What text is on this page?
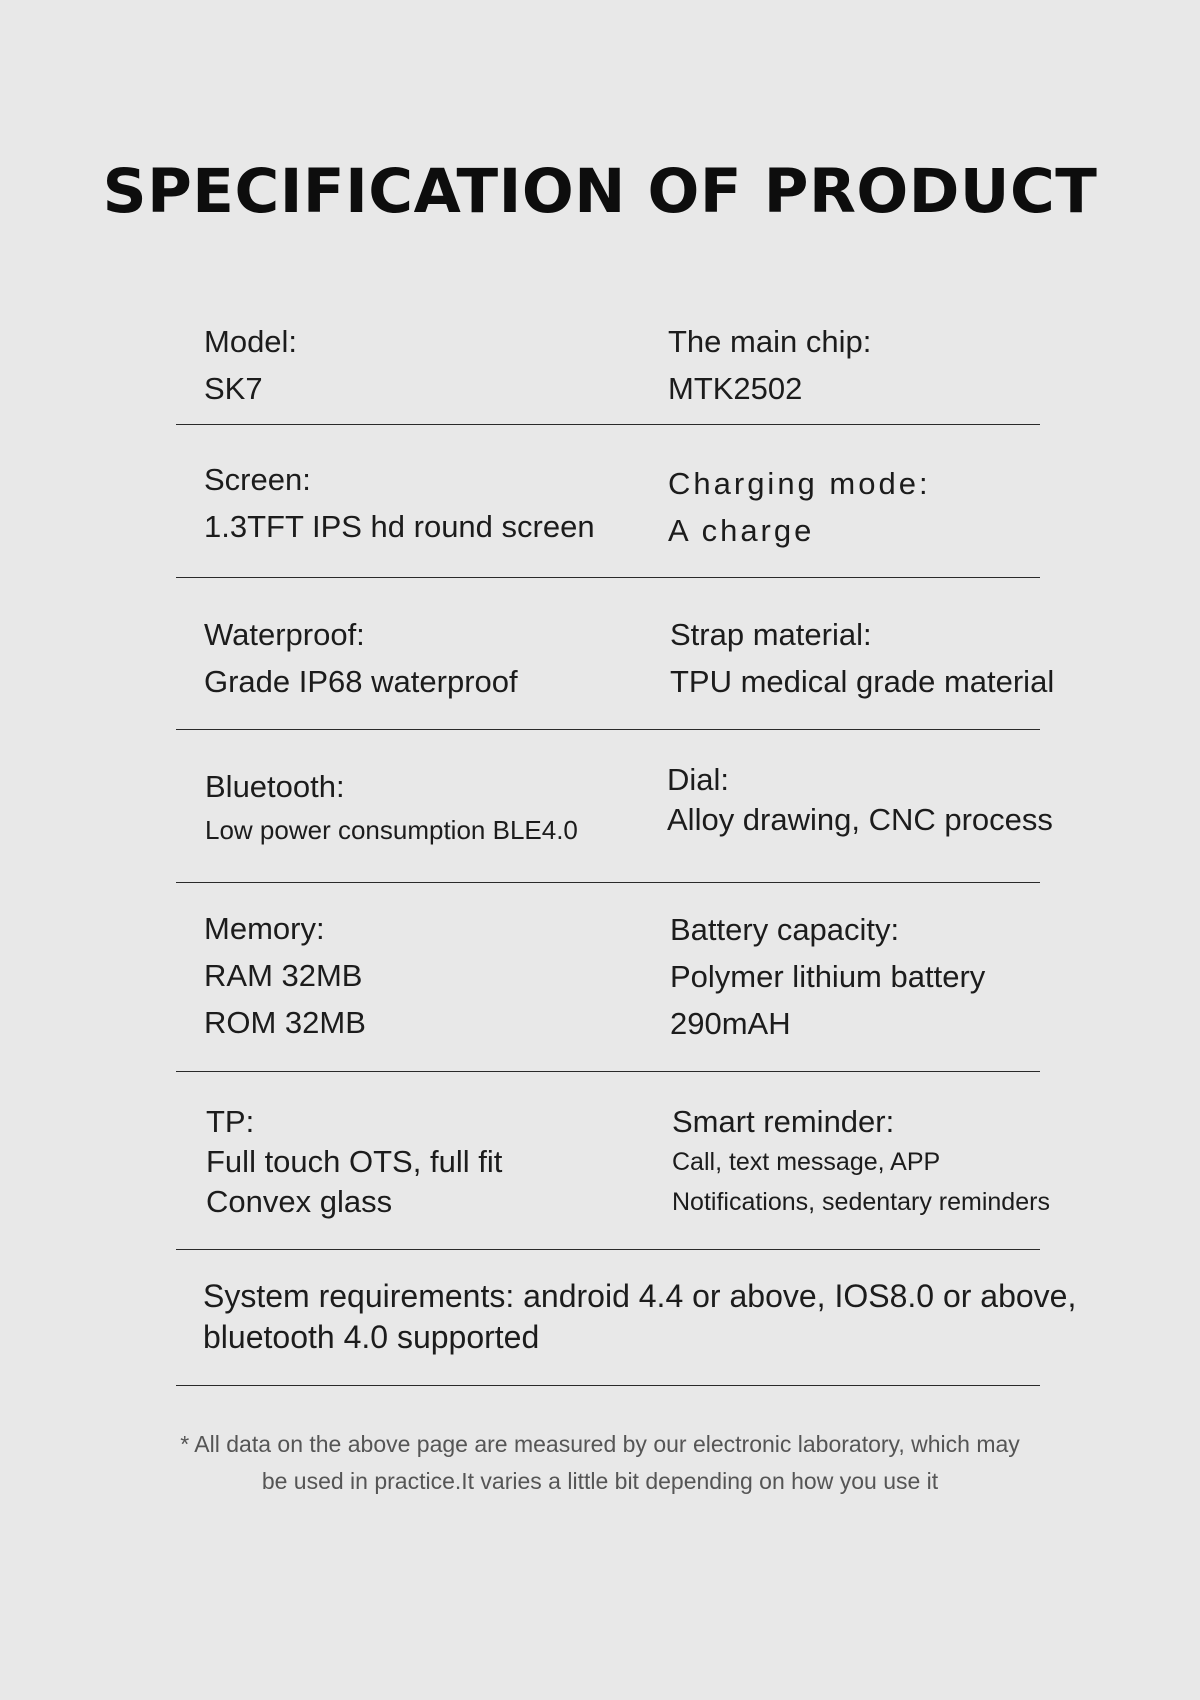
SPECIFICATION OF PRODUCT
Model:
SK7
The main chip:
MTK2502
Screen:
1.3TFT IPS hd round screen
Charging mode:
A charge
Waterproof:
Grade IP68 waterproof
Strap material:
TPU medical grade material
Bluetooth:
Low power consumption BLE4.0
Dial:
Alloy drawing, CNC process
Memory:
RAM 32MB
ROM 32MB
Battery capacity:
Polymer lithium battery
290mAH
TP:
Full touch OTS, full fit
Convex glass
Smart reminder:
Call, text message, APP
Notifications, sedentary reminders
System requirements: android 4.4 or above, IOS8.0 or above,
bluetooth 4.0 supported
* All data on the above page are measured by our electronic laboratory, which may
be used in practice.It varies a little bit depending on how you use it
